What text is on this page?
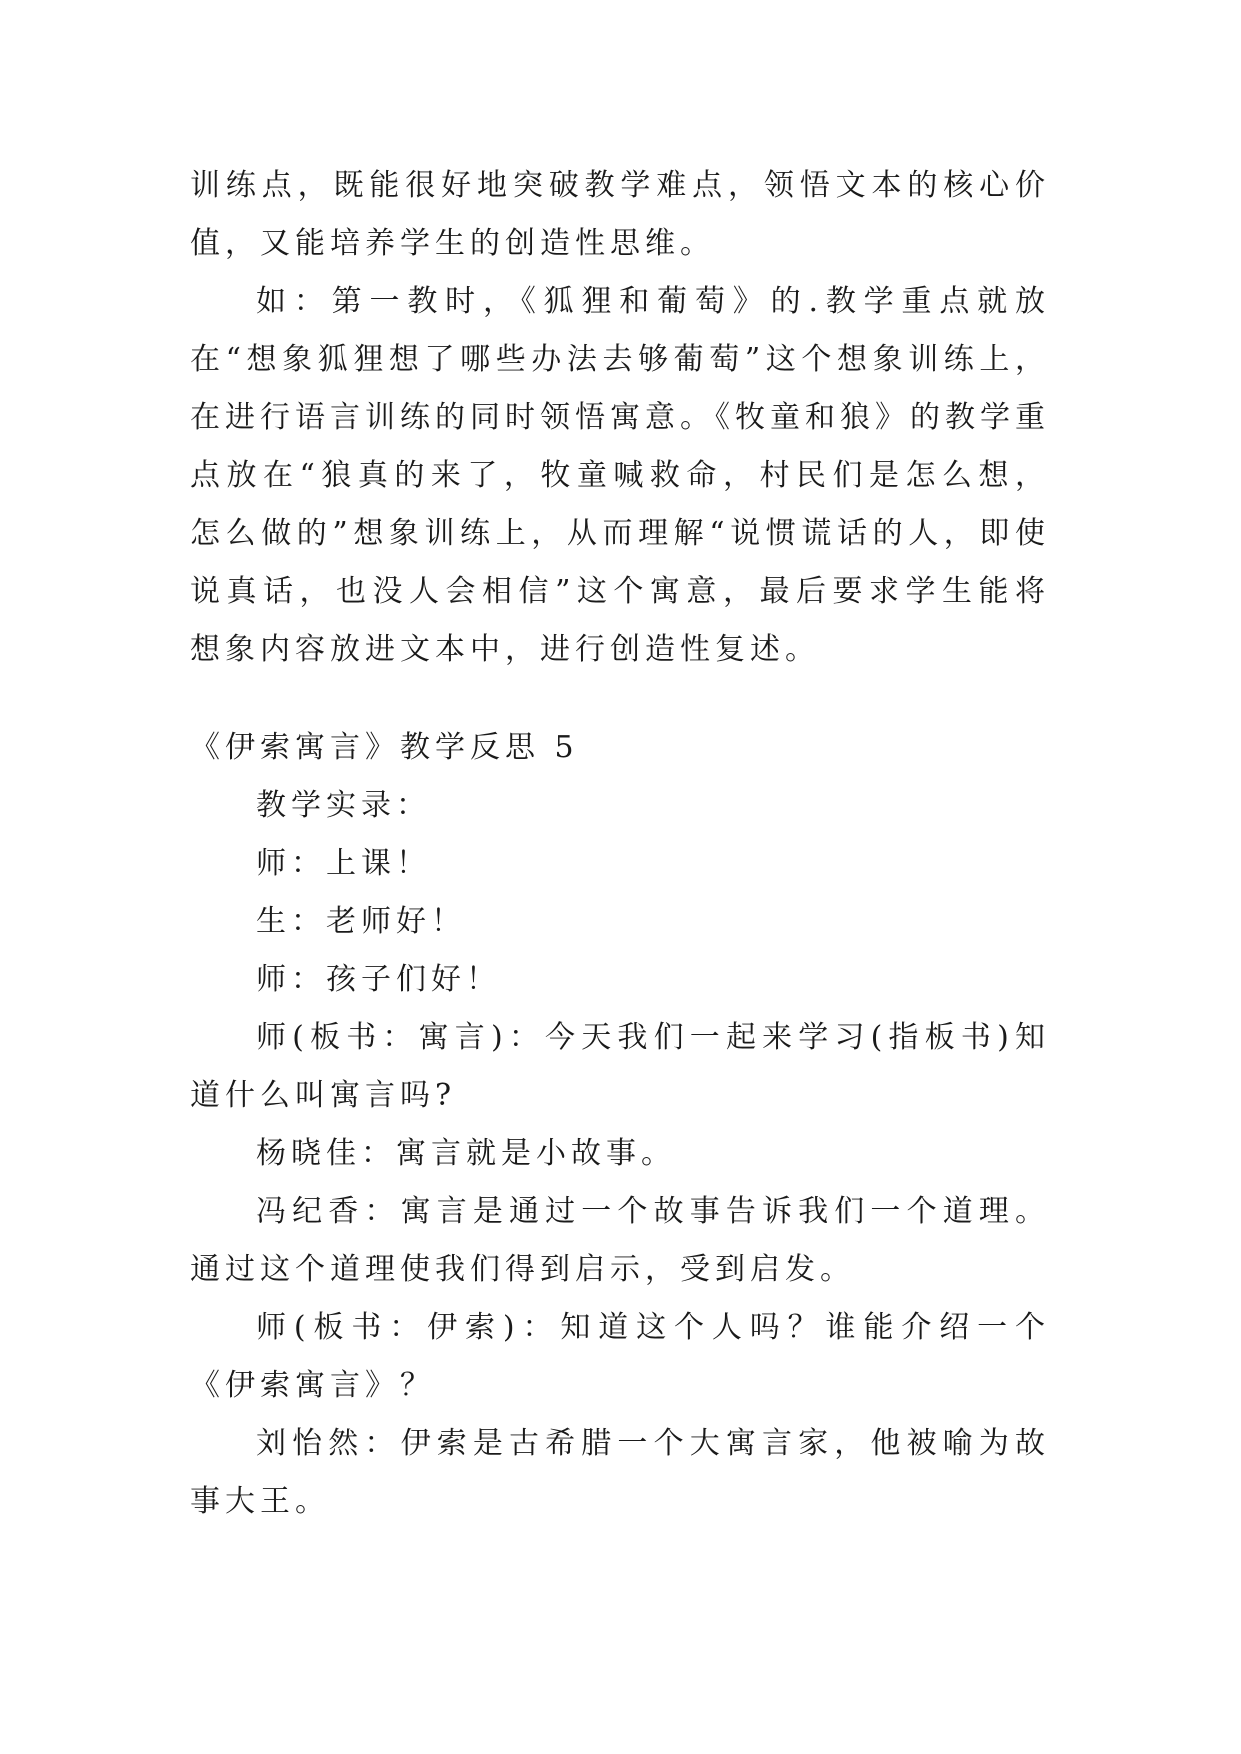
训练点，既能很好地突破教学难点，领悟文本的核心价值，又能培养学生的创造性思维。

如：第一教时，《狐狸和葡萄》的.教学重点就放在“想象狐狸想了哪些办法去够葡萄”这个想象训练上，在进行语言训练的同时领悟寓意。《牧童和狼》的教学重点放在“狼真的来了，牧童喊救命，村民们是怎么想，怎么做的”想象训练上，从而理解“说惯谎话的人，即使说真话，也没人会相信”这个寓意，最后要求学生能将想象内容放进文本中，进行创造性复述。

《伊索寓言》教学反思 5

教学实录：

师：上课！

生：老师好！

师：孩子们好！

师(板书：寓言)：今天我们一起来学习(指板书)知道什么叫寓言吗?

杨晓佳：寓言就是小故事。

冯纪香：寓言是通过一个故事告诉我们一个道理。通过这个道理使我们得到启示，受到启发。

师(板书：伊索)：知道这个人吗？谁能介绍一个《伊索寓言》？

刘怡然：伊索是古希腊一个大寓言家，他被喻为故事大王。
